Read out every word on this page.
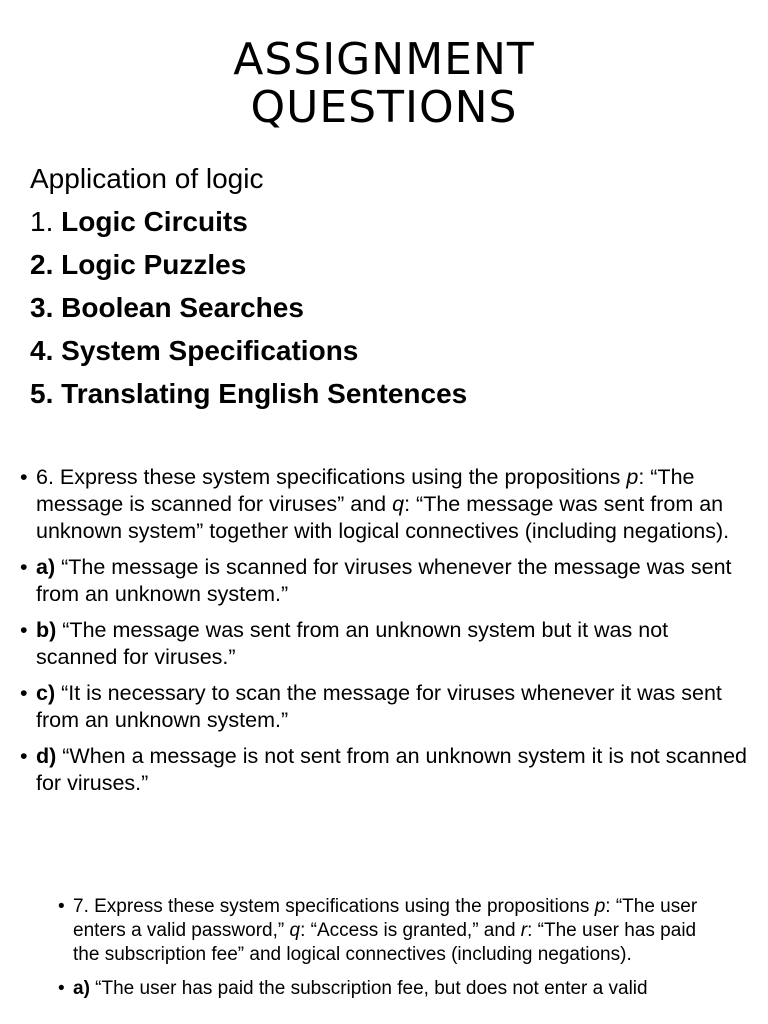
ASSIGNMENT
QUESTIONS
Application of logic
1. Logic Circuits
2. Logic Puzzles
3. Boolean Searches
4. System Specifications
5. Translating English Sentences
• 6. Express these system specifications using the propositions p: “The message is scanned for viruses” and q: “The message was sent from an unknown system” together with logical connectives (including negations).
• a) “The message is scanned for viruses whenever the message was sent from an unknown system.”
• b) “The message was sent from an unknown system but it was not scanned for viruses.”
• c) “It is necessary to scan the message for viruses whenever it was sent from an unknown system.”
• d) “When a message is not sent from an unknown system it is not scanned for viruses.”
• 7. Express these system specifications using the propositions p: “The user enters a valid password,” q: “Access is granted,” and r: “The user has paid the subscription fee” and logical connectives (including negations).
• a) “The user has paid the subscription fee, but does not enter a valid
